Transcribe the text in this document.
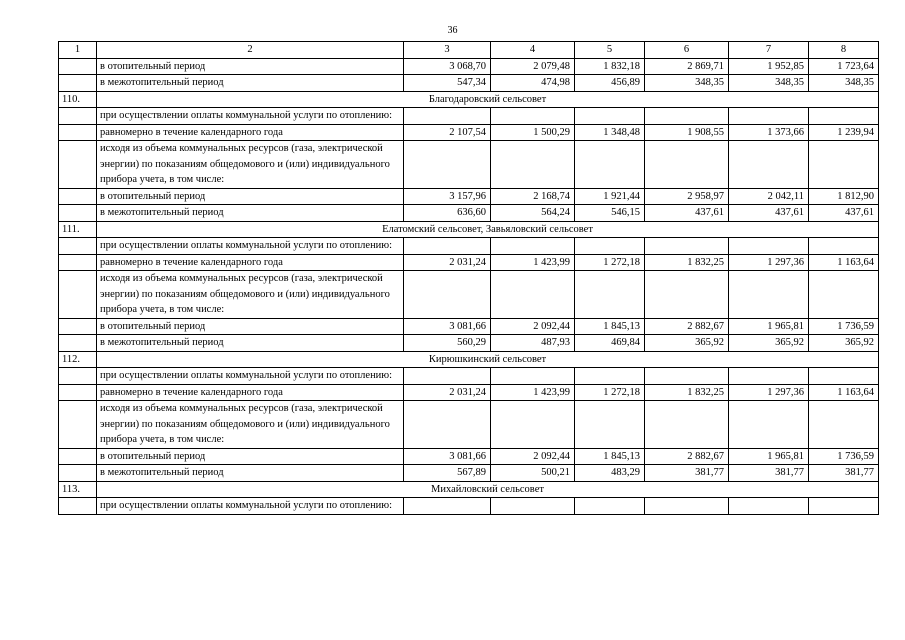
36
1	2	3	4	5	6	7	8
	в отопительный период	3 068,70	2 079,48	1 832,18	2 869,71	1 952,85	1 723,64
	в межотопительный период	547,34	474,98	456,89	348,35	348,35	348,35
110.	Благодаровский сельсовет						
	при осуществлении оплаты коммунальной услуги по отоплению:						
	равномерно в течение календарного года	2 107,54	1 500,29	1 348,48	1 908,55	1 373,66	1 239,94
	исходя из объема коммунальных ресурсов (газа, электрической энергии) по показаниям общедомового и (или) индивидуального прибора учета, в том числе:						
	в отопительный период	3 157,96	2 168,74	1 921,44	2 958,97	2 042,11	1 812,90
	в межотопительный период	636,60	564,24	546,15	437,61	437,61	437,61
111.	Елатомский сельсовет, Завьяловский сельсовет						
	при осуществлении оплаты коммунальной услуги по отоплению:						
	равномерно в течение календарного года	2 031,24	1 423,99	1 272,18	1 832,25	1 297,36	1 163,64
	исходя из объема коммунальных ресурсов (газа, электрической энергии) по показаниям общедомового и (или) индивидуального прибора учета, в том числе:						
	в отопительный период	3 081,66	2 092,44	1 845,13	2 882,67	1 965,81	1 736,59
	в межотопительный период	560,29	487,93	469,84	365,92	365,92	365,92
112.	Кирюшкинский сельсовет						
	при осуществлении оплаты коммунальной услуги по отоплению:						
	равномерно в течение календарного года	2 031,24	1 423,99	1 272,18	1 832,25	1 297,36	1 163,64
	исходя из объема коммунальных ресурсов (газа, электрической энергии) по показаниям общедомового и (или) индивидуального прибора учета, в том числе:						
	в отопительный период	3 081,66	2 092,44	1 845,13	2 882,67	1 965,81	1 736,59
	в межотопительный период	567,89	500,21	483,29	381,77	381,77	381,77
113.	Михайловский сельсовет						
	при осуществлении оплаты коммунальной услуги по отоплению:						
